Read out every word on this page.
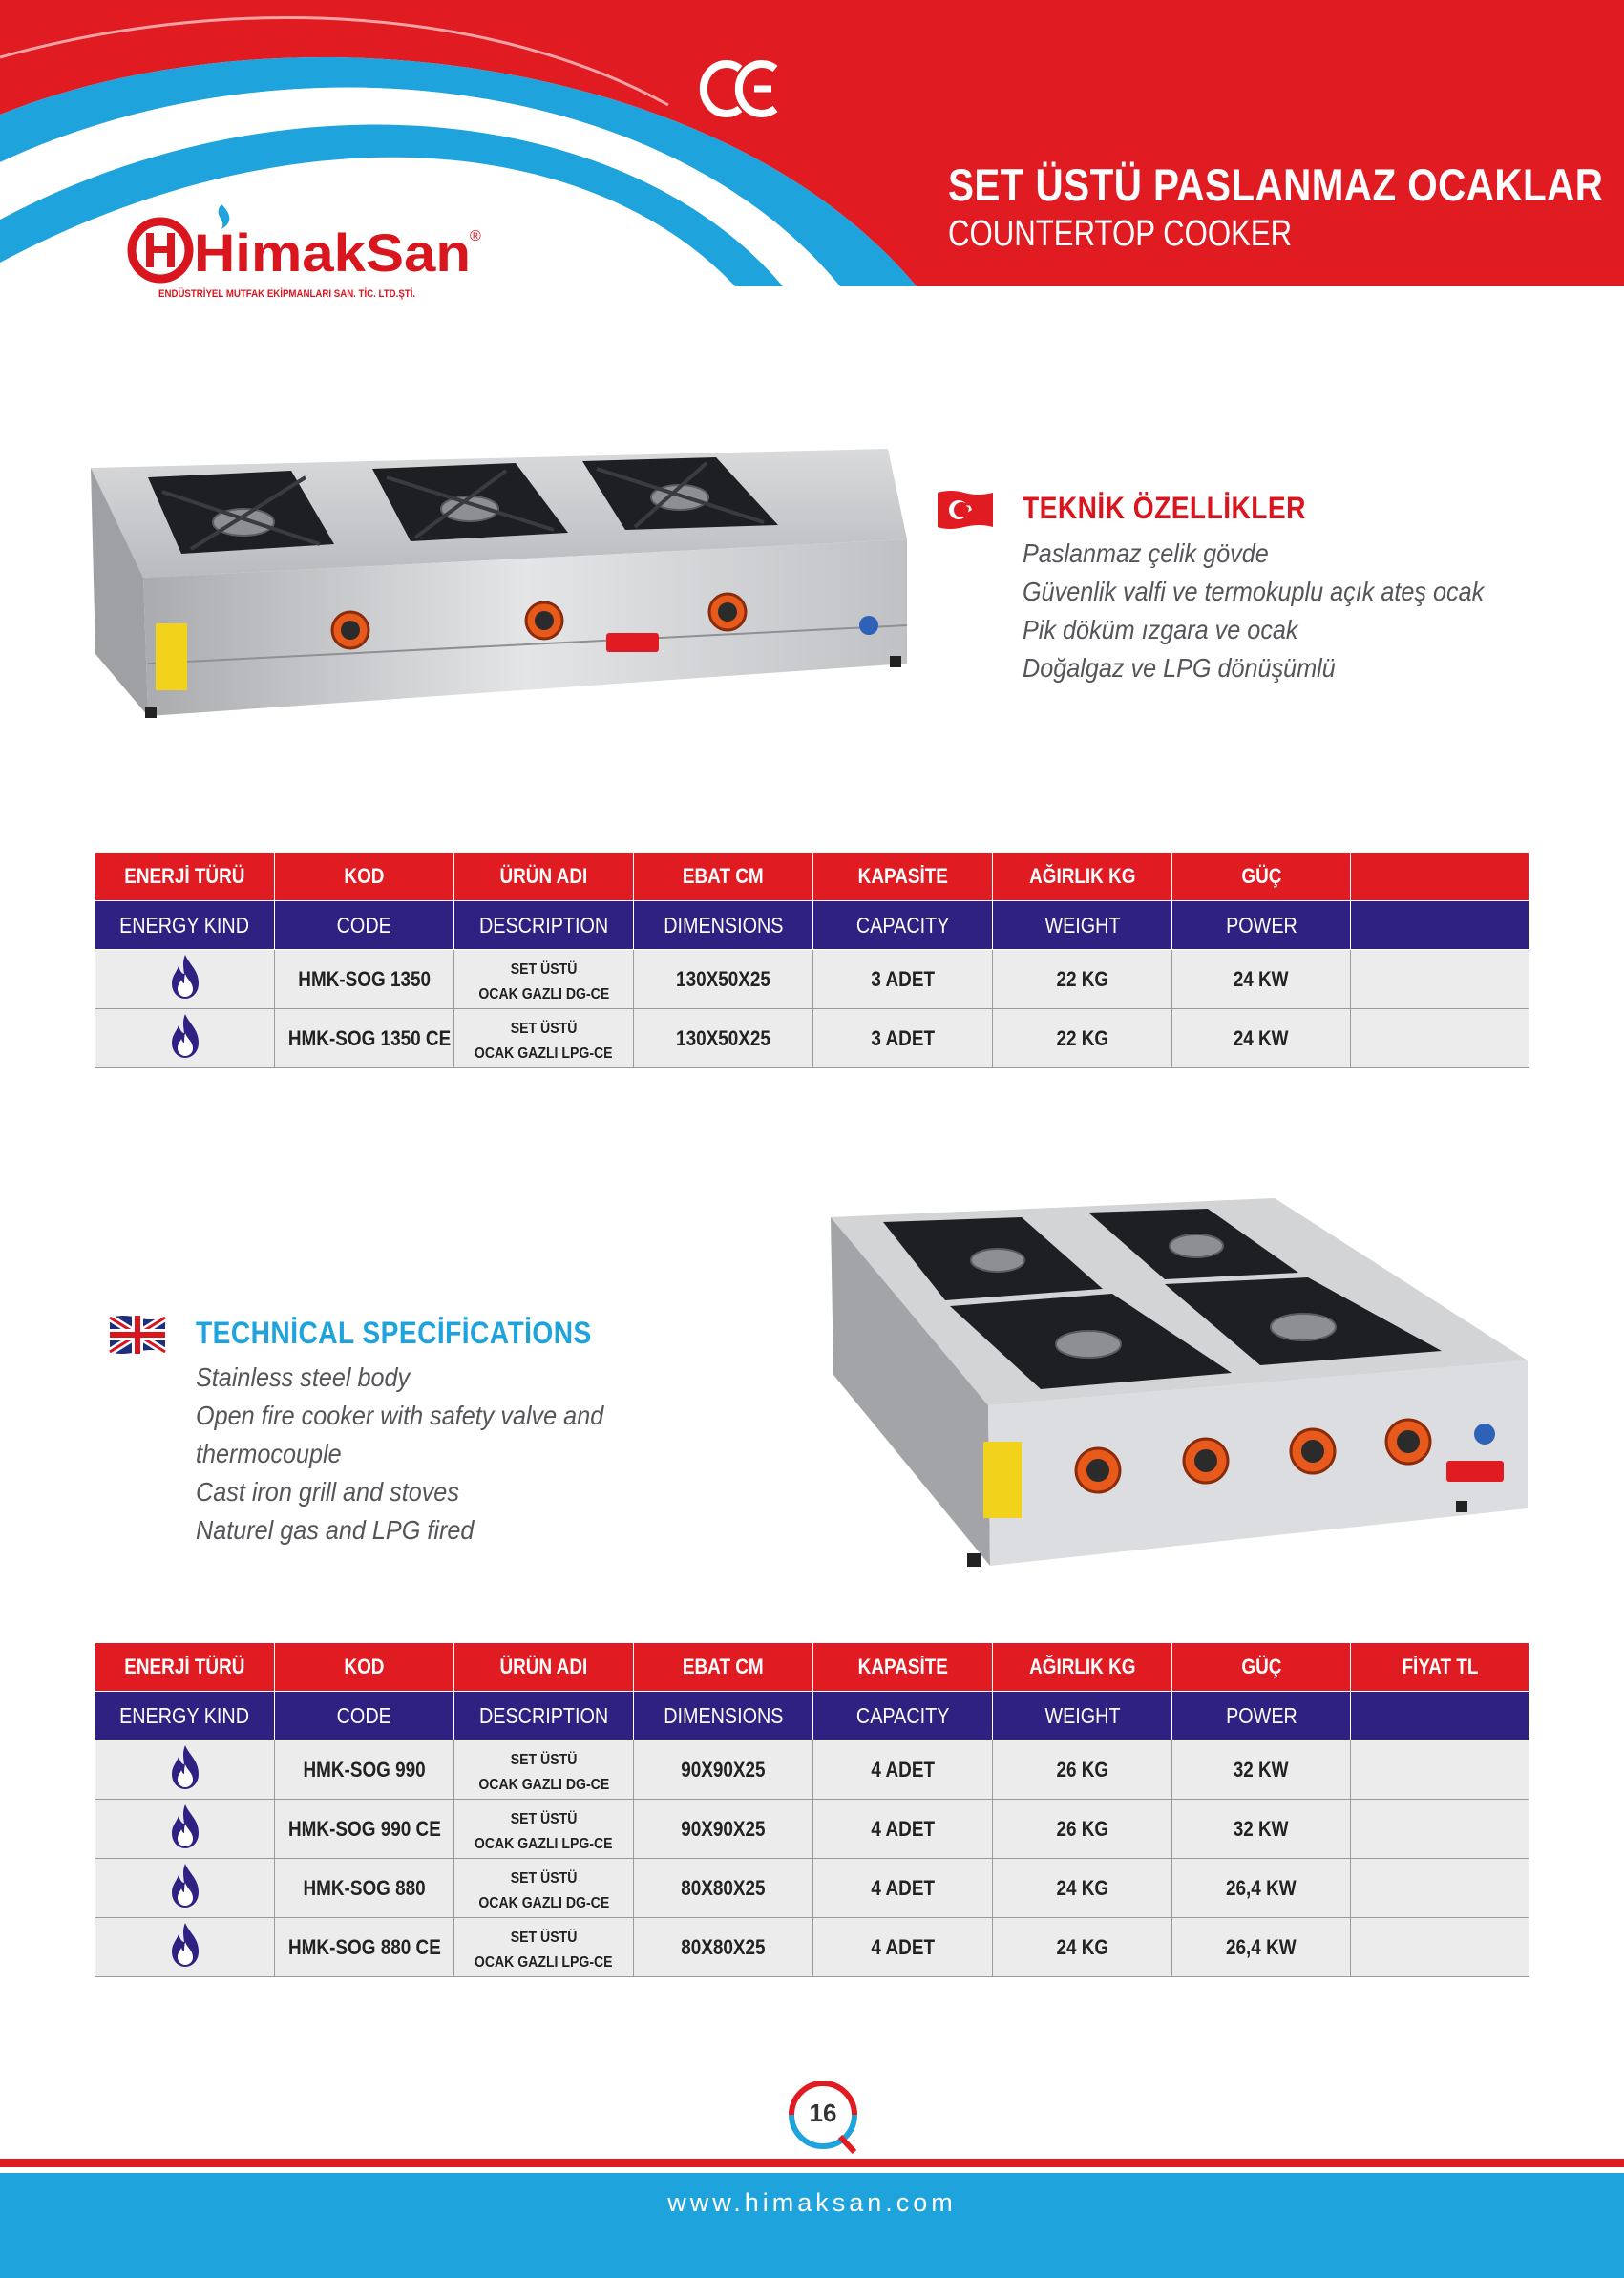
HimakSan ®
SET ÜSTÜ PASLANMAZ OCAKLAR
COUNTERTOP COOKER
ENDÜSTRİYEL MUTFAK EKİPMANLARI SAN. TİC. LTD.ŞTİ.
TEKNİK ÖZELLİKLER
Paslanmaz çelik gövde
Güvenlik valfi ve termokuplu açık ateş ocak
Pik döküm ızgara ve ocak
Doğalgaz ve LPG dönüşümlü
ENERJİ TÜRÜ	KOD	ÜRÜN ADI	EBAT CM	KAPASİTE	AĞIRLIK KG	GÜÇ	
ENERGY KIND	CODE	DESCRIPTION	DIMENSIONS	CAPACITY	WEIGHT	POWER	
	HMK-SOG 1350	SET ÜSTÜ
OCAK GAZLI DG-CE	130X50X25	3 ADET	22 KG	24 KW	
	HMK-SOG 1350 CE	SET ÜSTÜ
OCAK GAZLI LPG-CE	130X50X25	3 ADET	22 KG	24 KW	
TECHNİCAL SPECİFİCATİONS
Stainless steel body
Open fire cooker with safety valve and
thermocouple
Cast iron grill and stoves
Naturel gas and LPG fired
ENERJİ TÜRÜ	KOD	ÜRÜN ADI	EBAT CM	KAPASİTE	AĞIRLIK KG	GÜÇ	FİYAT TL
ENERGY KIND	CODE	DESCRIPTION	DIMENSIONS	CAPACITY	WEIGHT	POWER	
	HMK-SOG 990	SET ÜSTÜ
OCAK GAZLI DG-CE	90X90X25	4 ADET	26 KG	32 KW	
	HMK-SOG 990 CE	SET ÜSTÜ
OCAK GAZLI LPG-CE	90X90X25	4 ADET	26 KG	32 KW	
	HMK-SOG 880	SET ÜSTÜ
OCAK GAZLI DG-CE	80X80X25	4 ADET	24 KG	26,4 KW	
	HMK-SOG 880 CE	SET ÜSTÜ
OCAK GAZLI LPG-CE	80X80X25	4 ADET	24 KG	26,4 KW	
16
www.himaksan.com
